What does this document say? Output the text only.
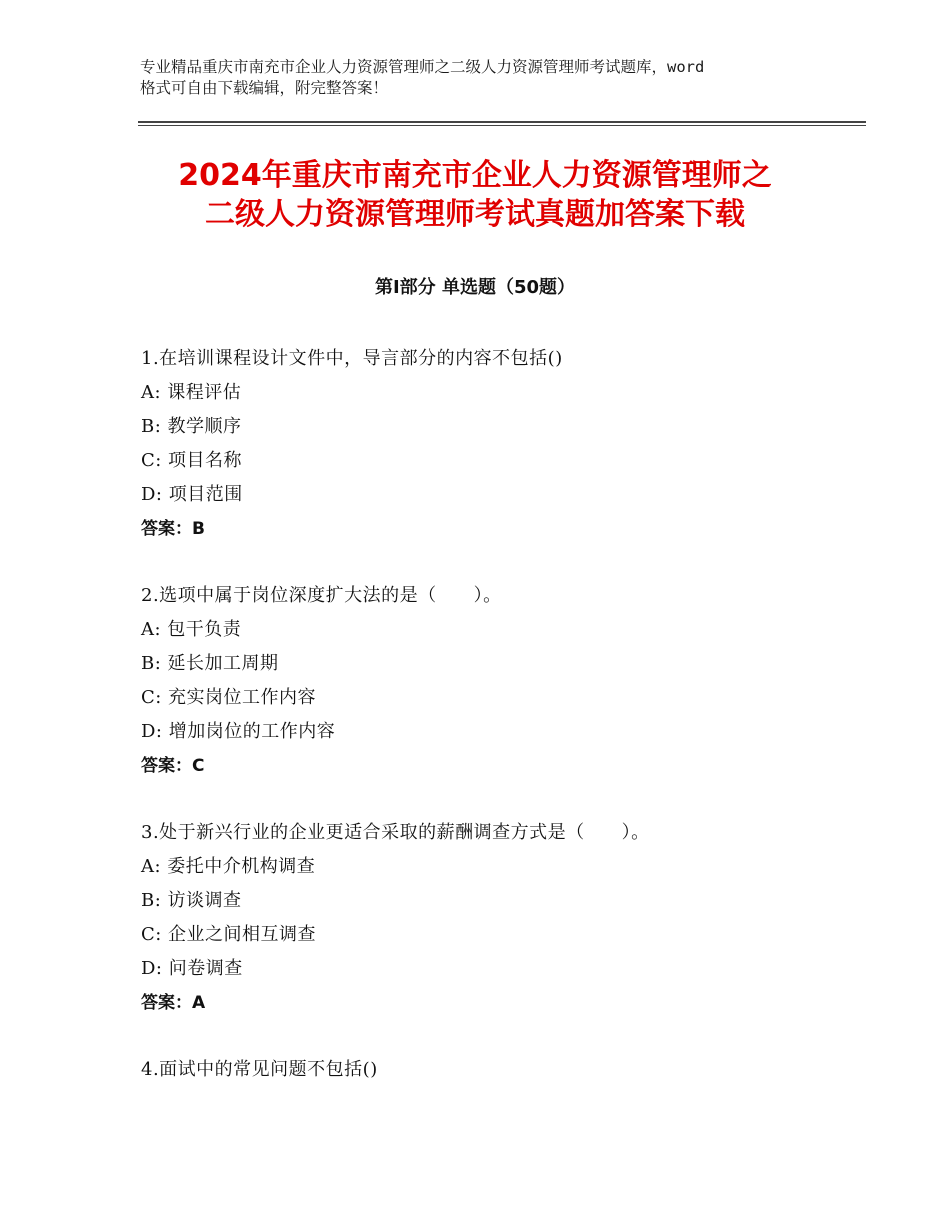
专业精品重庆市南充市企业人力资源管理师之二级人力资源管理师考试题库，word
格式可自由下载编辑，附完整答案！
2024年重庆市南充市企业人力资源管理师之
二级人力资源管理师考试真题加答案下载
第Ⅰ部分 单选题（50题）
1.在培训课程设计文件中，导言部分的内容不包括()
A: 课程评估
B: 教学顺序
C: 项目名称
D: 项目范围
答案：B
2.选项中属于岗位深度扩大法的是（　　）。
A: 包干负责
B: 延长加工周期
C: 充实岗位工作内容
D: 增加岗位的工作内容
答案：C
3.处于新兴行业的企业更适合采取的薪酬调查方式是（　　）。
A: 委托中介机构调查
B: 访谈调查
C: 企业之间相互调查
D: 问卷调查
答案：A
4.面试中的常见问题不包括()
